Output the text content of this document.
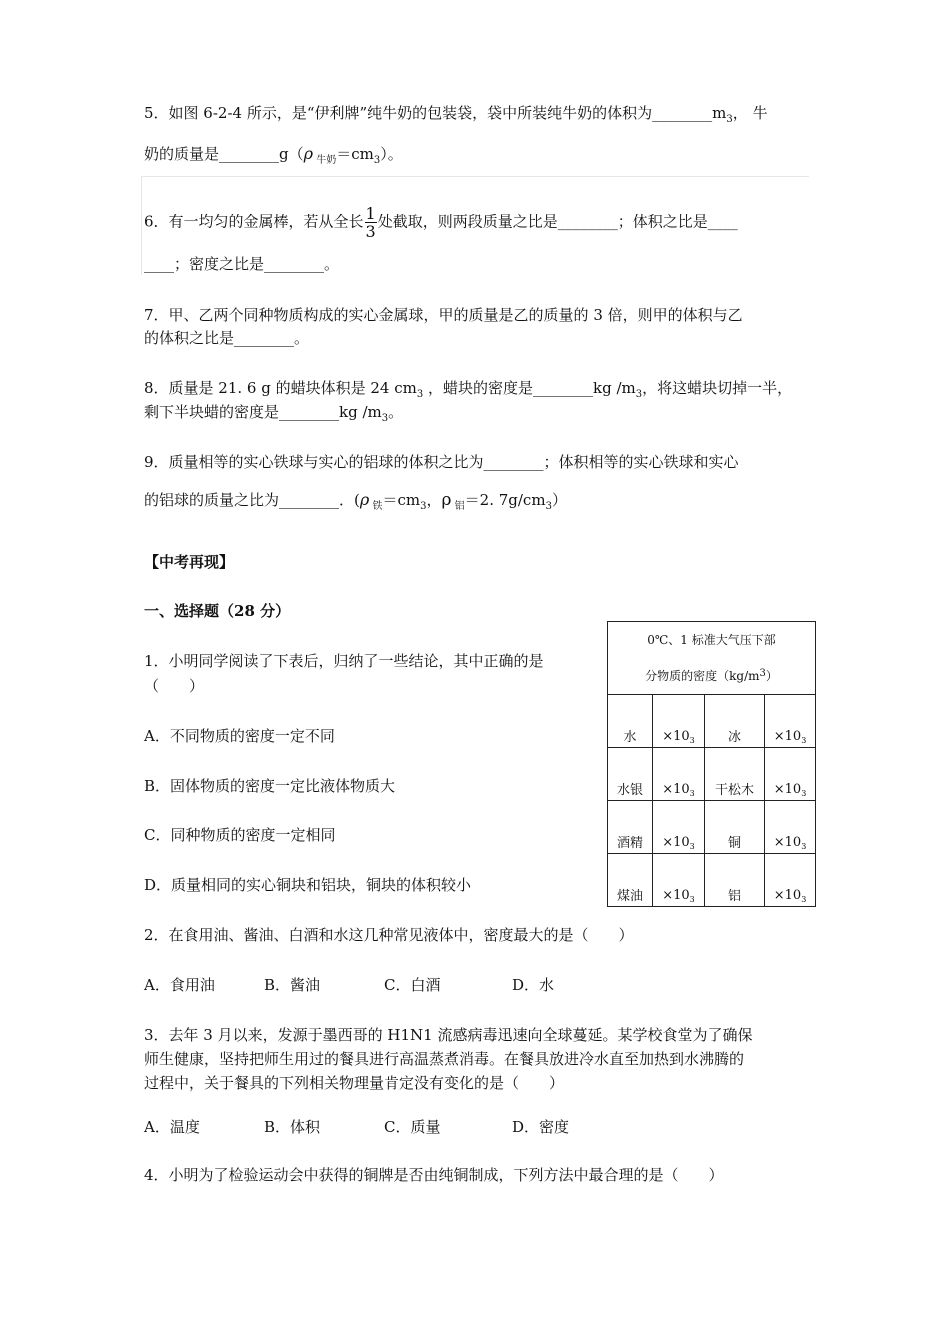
5．如图 6-2-4 所示，是“伊利牌”纯牛奶的包装袋，袋中所装纯牛奶的体积为$\_\_\_\_\_\_\_\_m_3$， 牛
奶的质量是________g（ρ $_{牛奶}=cm_3$）。
6．有一均匀的金属棒，若从全长 $\frac{1}{3}$ 处截取，则两段质量之比是________；体积之比是____
____；密度之比是________。
7．甲、乙两个同种物质构成的实心金属球，甲的质量是乙的质量的 3 倍，则甲的体积与乙
的体积之比是________。
8．质量是 21. 6 g 的蜡块体积是 24 $cm_3$ ，蜡块的密度是________kg $/m_3$，将这蜡块切掉一半，
剩下半块蜡的密度是________kg $/m_3$。
9．质量相等的实心铁球与实心的铝球的体积之比为________；体积相等的实心铁球和实心
的铝球的质量之比为________．(ρ $_铁=cm_3$，ρ $_铝$＝2. $7g/cm_3$）
【中考再现】
一、选择题（28 分）
1．小明同学阅读了下表后，归纳了一些结论，其中正确的是
（　　）
A．不同物质的密度一定不同
B．固体物质的密度一定比液体物质大
C．同种物质的密度一定相同
D．质量相同的实心铜块和铝块，铜块的体积较小
0℃、1 标准大气压下部
分物质的密度$(kg/m^3)$			

水	$\times 10_3$	冰	$\times 10_3$
水银	$\times 10_3$	干松木	$\times 10_3$
酒精	$\times 10_3$	铜	$\times 10_3$
煤油	$\times 10_3$	铝	$\times 10_3$
2．在食用油、酱油、白酒和水这几种常见液体中，密度最大的是（　　）
A．食用油	B．酱油	C．白酒	D．水
3．去年 3 月以来，发源于墨西哥的 H1N1 流感病毒迅速向全球蔓延。某学校食堂为了确保
师生健康，坚持把师生用过的餐具进行高温蒸煮消毒。在餐具放进冷水直至加热到水沸腾的
过程中，关于餐具的下列相关物理量肯定没有变化的是（　　）
A．温度	B．体积	C．质量	D．密度
4．小明为了检验运动会中获得的铜牌是否由纯铜制成，下列方法中最合理的是（　　）
